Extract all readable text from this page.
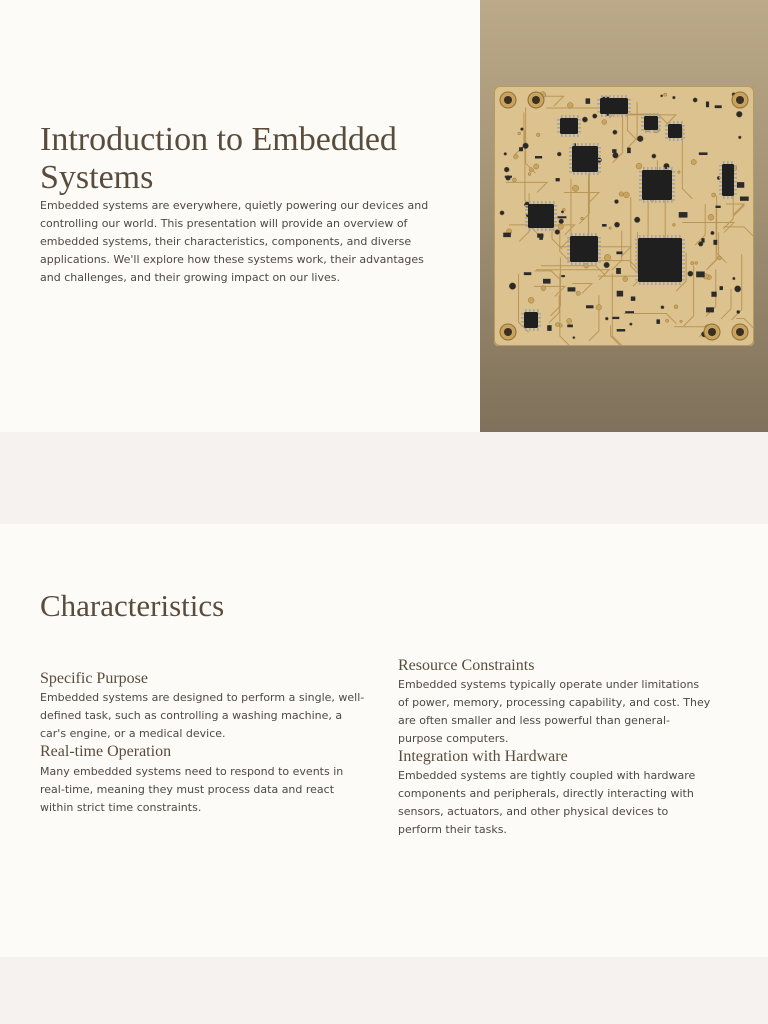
Introduction to Embedded Systems

Embedded systems are everywhere, quietly powering our devices and controlling our world. This presentation will provide an overview of embedded systems, their characteristics, components, and diverse applications. We'll explore how these systems work, their advantages and challenges, and their growing impact on our lives.

Characteristics
Specific Purpose

Embedded systems are designed to perform a single, well-defined task, such as controlling a washing machine, a car's engine, or a medical device.

Real-time Operation

Many embedded systems need to respond to events in real-time, meaning they must process data and react within strict time constraints.

Resource Constraints

Embedded systems typically operate under limitations of power, memory, processing capability, and cost. They are often smaller and less powerful than general-purpose computers.

Integration with Hardware

Embedded systems are tightly coupled with hardware components and peripherals, directly interacting with sensors, actuators, and other physical devices to perform their tasks.
